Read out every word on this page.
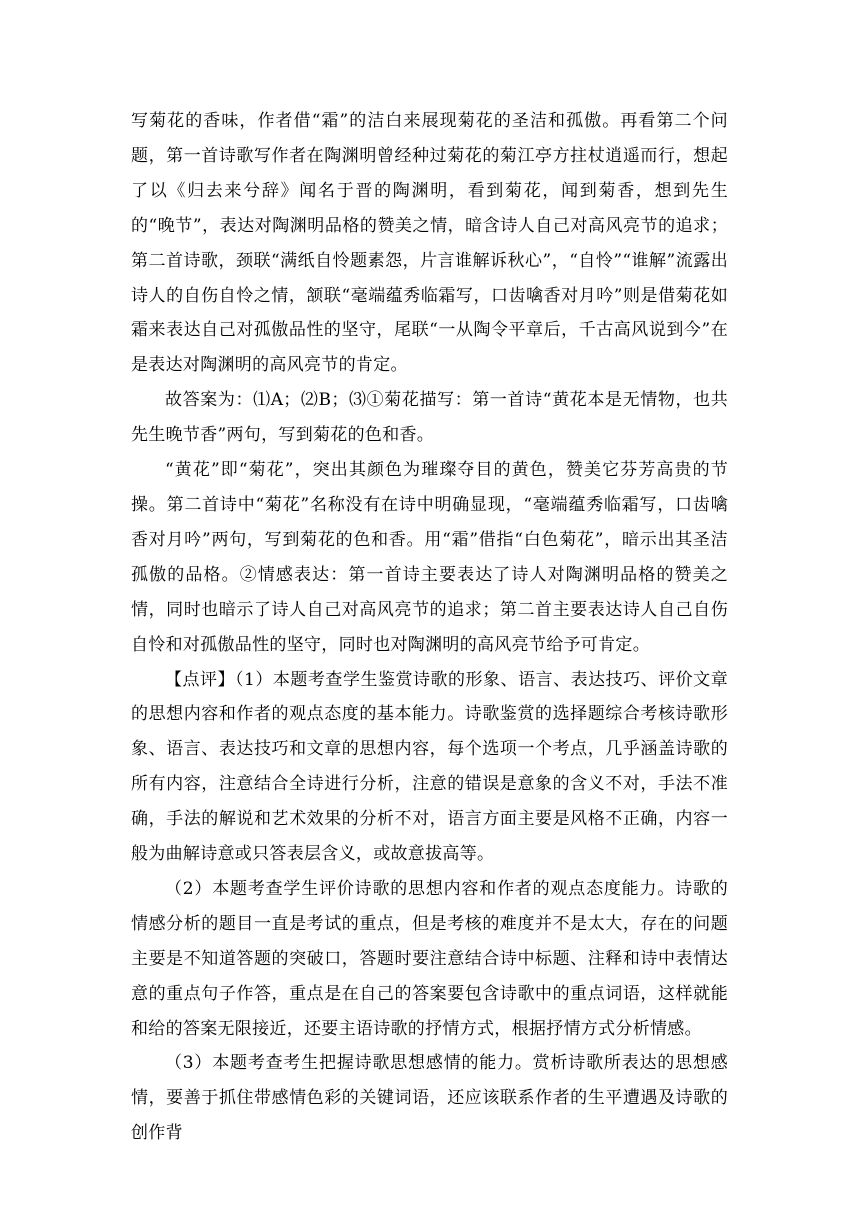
写菊花的香味，作者借“霜”的洁白来展现菊花的圣洁和孤傲。再看第二个问题，第一首诗歌写作者在陶渊明曾经种过菊花的菊江亭方拄杖逍遥而行，想起了以《归去来兮辞》闻名于晋的陶渊明，看到菊花，闻到菊香，想到先生的“晚节”，表达对陶渊明品格的赞美之情，暗含诗人自己对高风亮节的追求；第二首诗歌，颈联“满纸自怜题素怨，片言谁解诉秋心”，“自怜”“谁解”流露出诗人的自伤自怜之情，颔联“毫端蕴秀临霜写，口齿噙香对月吟”则是借菊花如霜来表达自己对孤傲品性的坚守，尾联“一从陶令平章后，千古高风说到今”在是表达对陶渊明的高风亮节的肯定。

故答案为：⑴A；⑵B；⑶①菊花描写：第一首诗“黄花本是无情物，也共先生晚节香”两句，写到菊花的色和香。

“黄花”即“菊花”，突出其颜色为璀璨夺目的黄色，赞美它芬芳高贵的节操。第二首诗中“菊花”名称没有在诗中明确显现，“毫端蕴秀临霜写，口齿噙香对月吟”两句，写到菊花的色和香。用“霜”借指“白色菊花”，暗示出其圣洁孤傲的品格。②情感表达：第一首诗主要表达了诗人对陶渊明品格的赞美之情，同时也暗示了诗人自己对高风亮节的追求；第二首主要表达诗人自己自伤自怜和对孤傲品性的坚守，同时也对陶渊明的高风亮节给予可肯定。

【点评】（1）本题考查学生鉴赏诗歌的形象、语言、表达技巧、评价文章的思想内容和作者的观点态度的基本能力。诗歌鉴赏的选择题综合考核诗歌形象、语言、表达技巧和文章的思想内容，每个选项一个考点，几乎涵盖诗歌的所有内容，注意结合全诗进行分析，注意的错误是意象的含义不对，手法不准确，手法的解说和艺术效果的分析不对，语言方面主要是风格不正确，内容一般为曲解诗意或只答表层含义，或故意拔高等。

（2）本题考查学生评价诗歌的思想内容和作者的观点态度能力。诗歌的情感分析的题目一直是考试的重点，但是考核的难度并不是太大，存在的问题主要是不知道答题的突破口，答题时要注意结合诗中标题、注释和诗中表情达意的重点句子作答，重点是在自己的答案要包含诗歌中的重点词语，这样就能和给的答案无限接近，还要主语诗歌的抒情方式，根据抒情方式分析情感。

（3）本题考查考生把握诗歌思想感情的能力。赏析诗歌所表达的思想感情，要善于抓住带感情色彩的关键词语，还应该联系作者的生平遭遇及诗歌的创作背
